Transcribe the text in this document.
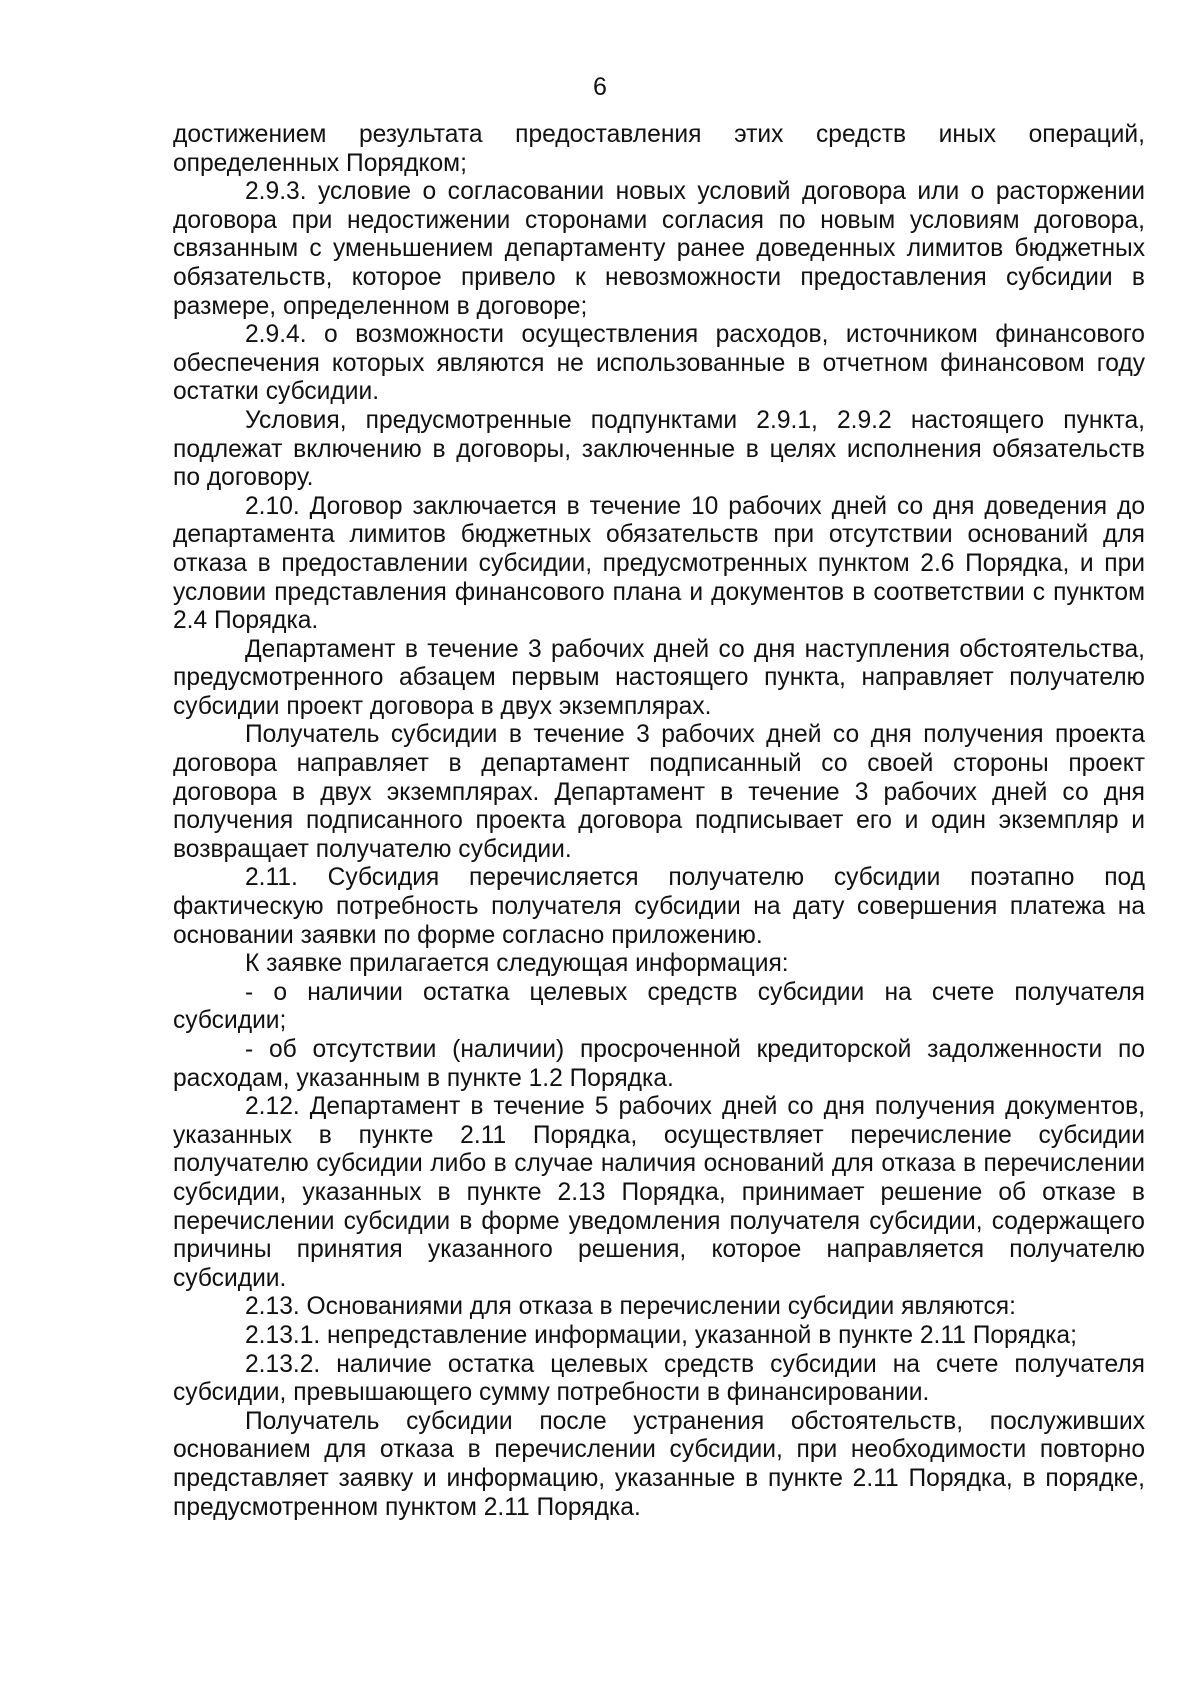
6

достижением результата предоставления этих средств иных операций, определенных Порядком;

2.9.3. условие о согласовании новых условий договора или о расторжении договора при недостижении сторонами согласия по новым условиям договора, связанным с уменьшением департаменту ранее доведенных лимитов бюджетных обязательств, которое привело к невозможности предоставления субсидии в размере, определенном в договоре;

2.9.4. о возможности осуществления расходов, источником финансового обеспечения которых являются не использованные в отчетном финансовом году остатки субсидии.

Условия, предусмотренные подпунктами 2.9.1, 2.9.2 настоящего пункта, подлежат включению в договоры, заключенные в целях исполнения обязательств по договору.

2.10. Договор заключается в течение 10 рабочих дней со дня доведения до департамента лимитов бюджетных обязательств при отсутствии оснований для отказа в предоставлении субсидии, предусмотренных пунктом 2.6 Порядка, и при условии представления финансового плана и документов в соответствии с пунктом 2.4 Порядка.

Департамент в течение 3 рабочих дней со дня наступления обстоятельства, предусмотренного абзацем первым настоящего пункта, направляет получателю субсидии проект договора в двух экземплярах.

Получатель субсидии в течение 3 рабочих дней со дня получения проекта договора направляет в департамент подписанный со своей стороны проект договора в двух экземплярах. Департамент в течение 3 рабочих дней со дня получения подписанного проекта договора подписывает его и один экземпляр и возвращает получателю субсидии.

2.11. Субсидия перечисляется получателю субсидии поэтапно под фактическую потребность получателя субсидии на дату совершения платежа на основании заявки по форме согласно приложению.

К заявке прилагается следующая информация:

- о наличии остатка целевых средств субсидии на счете получателя субсидии;

- об отсутствии (наличии) просроченной кредиторской задолженности по расходам, указанным в пункте 1.2 Порядка.

2.12. Департамент в течение 5 рабочих дней со дня получения документов, указанных в пункте 2.11 Порядка, осуществляет перечисление субсидии получателю субсидии либо в случае наличия оснований для отказа в перечислении субсидии, указанных в пункте 2.13 Порядка, принимает решение об отказе в перечислении субсидии в форме уведомления получателя субсидии, содержащего причины принятия указанного решения, которое направляется получателю субсидии.

2.13. Основаниями для отказа в перечислении субсидии являются:

2.13.1. непредставление информации, указанной в пункте 2.11 Порядка;

2.13.2. наличие остатка целевых средств субсидии на счете получателя субсидии, превышающего сумму потребности в финансировании.

Получатель субсидии после устранения обстоятельств, послуживших основанием для отказа в перечислении субсидии, при необходимости повторно представляет заявку и информацию, указанные в пункте 2.11 Порядка, в порядке, предусмотренном пунктом 2.11 Порядка.
